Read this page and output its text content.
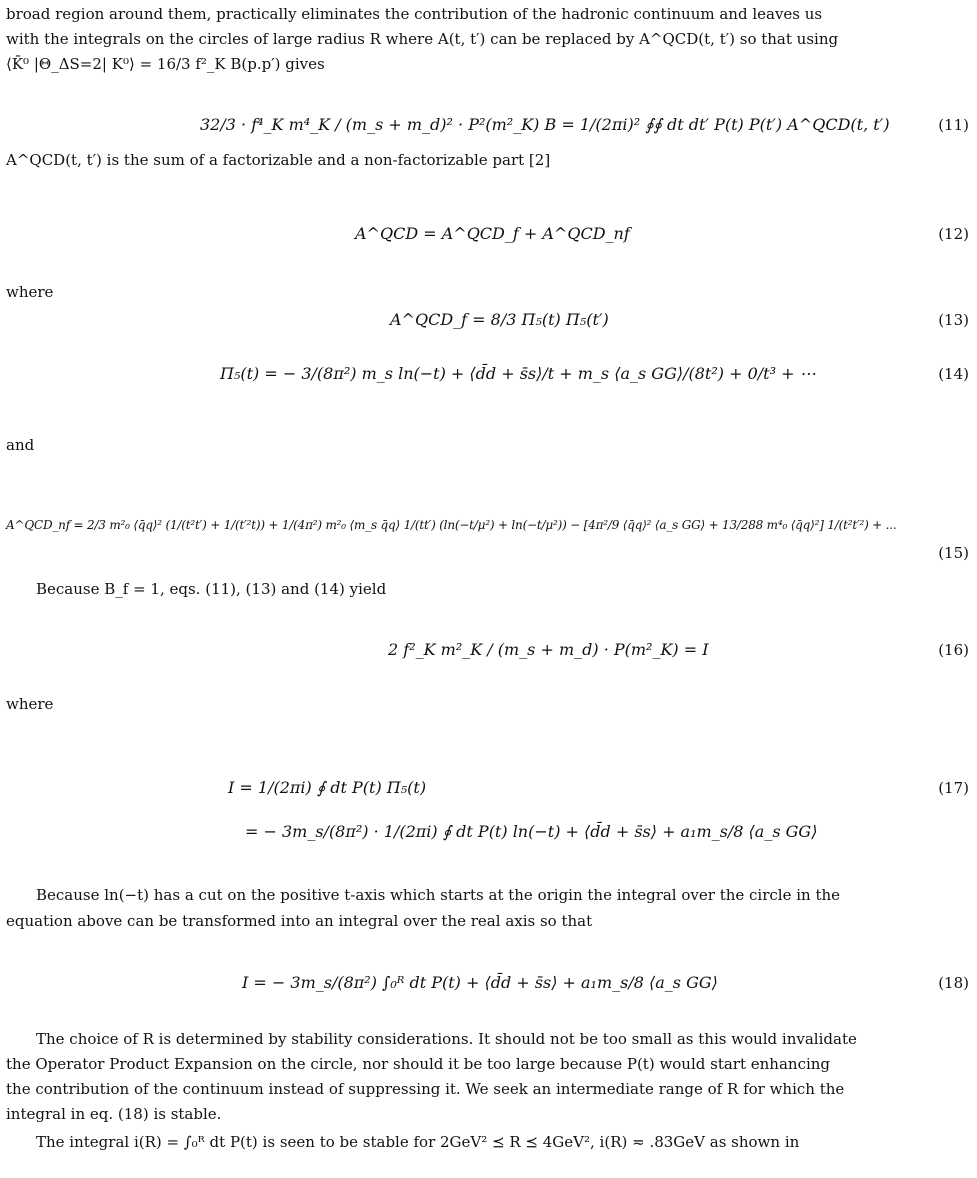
broad region around them, practically eliminates the contribution of the hadronic continuum and leaves us

with the integrals on the circles of large radius R where A(t, t′) can be replaced by A^QCD(t, t′) so that using

⟨K̄⁰ |Θ_ΔS=2| K⁰⟩ = 16/3 f²_K B(p.p′) gives

32/3 · f⁴_K m⁴_K / (m_s + m_d)² · P²(m²_K) B = 1/(2πi)² ∮∮ dt dt′ P(t) P(t′) A^QCD(t, t′)	(11)

A^QCD(t, t′) is the sum of a factorizable and a non-factorizable part [2]

A^QCD = A^QCD_f + A^QCD_nf	(12)

where

A^QCD_f = 8/3 Π₅(t) Π₅(t′)	(13)
Π₅(t) = − 3/(8π²) m_s ln(−t) + ⟨d̄d + s̄s⟩/t + m_s ⟨a_s GG⟩/(8t²) + 0/t³ + ⋯	(14)

and

A^QCD_nf = 2/3 m²₀ ⟨q̄q⟩² (1/(t²t′) + 1/(t′²t)) + 1/(4π²) m²₀ ⟨m_s q̄q⟩ 1/(tt′) (ln(−t/μ²) + ln(−t/μ²)) − [4π²/9 ⟨q̄q⟩² ⟨a_s GG⟩ + 13/288 m⁴₀ ⟨q̄q⟩²] 1/(t²t′²) + ...
(15)

Because B_f = 1, eqs. (11), (13) and (14) yield

2 f²_K m²_K / (m_s + m_d) · P(m²_K) = I	(16)

where

I = 1/(2πi) ∮ dt P(t) Π₅(t)
= − 3m_s/(8π²) · 1/(2πi) ∮ dt P(t) ln(−t) + ⟨d̄d + s̄s⟩ + a₁m_s/8 ⟨a_s GG⟩
(17)

Because ln(−t) has a cut on the positive t-axis which starts at the origin the integral over the circle in the

equation above can be transformed into an integral over the real axis so that

I = − 3m_s/(8π²) ∫₀ᴿ dt P(t) + ⟨d̄d + s̄s⟩ + a₁m_s/8 ⟨a_s GG⟩	(18)

The choice of R is determined by stability considerations. It should not be too small as this would invalidate

the Operator Product Expansion on the circle, nor should it be too large because P(t) would start enhancing

the contribution of the continuum instead of suppressing it. We seek an intermediate range of R for which the

integral in eq. (18) is stable.

The integral i(R) = ∫₀ᴿ dt P(t) is seen to be stable for 2GeV² ⪯ R ⪯ 4GeV², i(R) ≂ .83GeV as shown in
